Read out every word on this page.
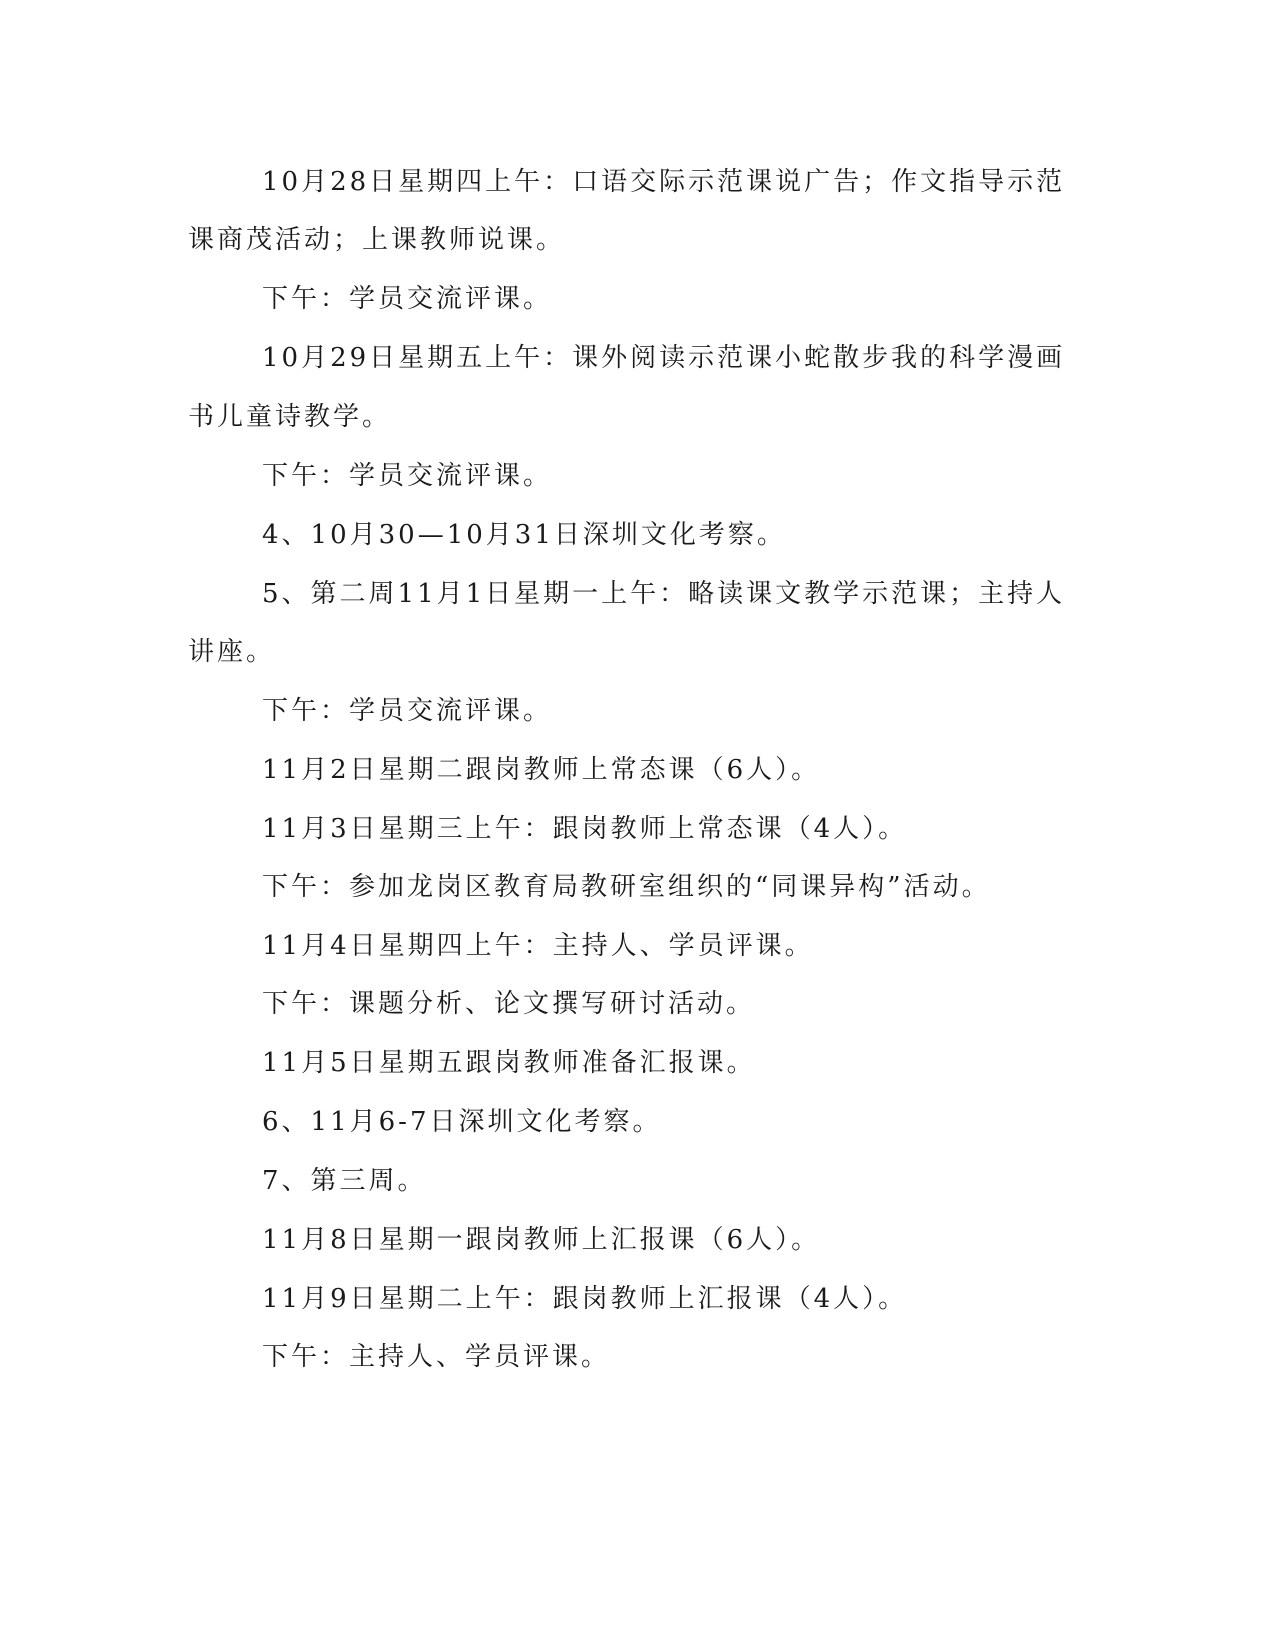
10月28日星期四上午：口语交际示范课说广告；作文指导示范
课商茂活动；上课教师说课。
下午：学员交流评课。
10月29日星期五上午：课外阅读示范课小蛇散步我的科学漫画
书儿童诗教学。
下午：学员交流评课。
4、10月30—10月31日深圳文化考察。
5、第二周11月1日星期一上午：略读课文教学示范课；主持人
讲座。
下午：学员交流评课。
11月2日星期二跟岗教师上常态课（6人）。
11月3日星期三上午：跟岗教师上常态课（4人）。
下午：参加龙岗区教育局教研室组织的“同课异构”活动。
11月4日星期四上午：主持人、学员评课。
下午：课题分析、论文撰写研讨活动。
11月5日星期五跟岗教师准备汇报课。
6、11月6-7日深圳文化考察。
7、第三周。
11月8日星期一跟岗教师上汇报课（6人）。
11月9日星期二上午：跟岗教师上汇报课（4人）。
下午：主持人、学员评课。
